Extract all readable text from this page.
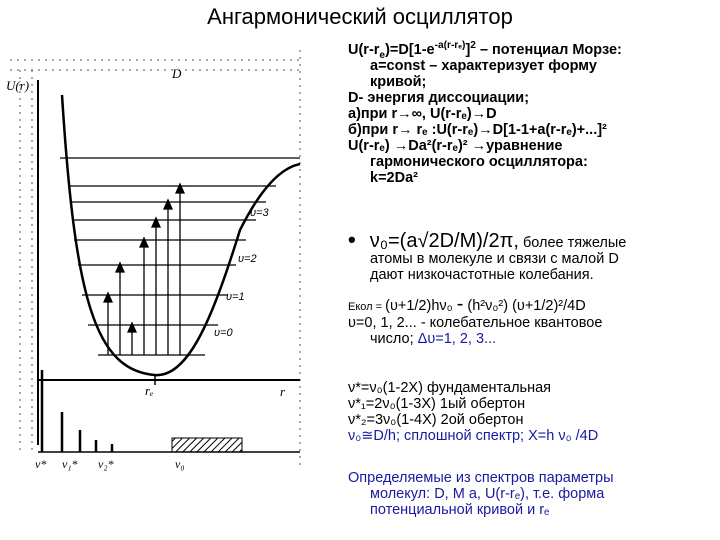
Ангармонический осциллятор
D
υ=3
υ=2
υ=1
υ=0
rₑ
U(r)
r
ν* ν₁* ν₂*	ν₀
$U(r-r_e)=D[1-e^{-a(r-r_e)}]^2$ – потенциал Морзе:
a=const – характеризует форму
кривой;
D- энергия диссоциации;
а)при r→∞, U(r-rₑ)→D
б)при r→ rₑ :U(r-rₑ)→D[1-1+a(r-rₑ)+...]²
U(r-rₑ) →Da²(r-rₑ)² →уравнение
гармонического осциллятора:
k=2Da²
• ν₀=(a√2D/M)/2π, более тяжелые
атомы в молекуле и связи с малой D
дают низкочастотные колебания.
Eкол = (υ+1/2)hν₀ - (h²ν₀²) (υ+1/2)²/4D
υ=0, 1, 2... - колебательное квантовое
число; Δυ=1, 2, 3...
ν*=ν₀(1-2X) фундаментальная
ν*₁=2ν₀(1-3X) 1ый обертон
ν*₂=3ν₀(1-4X) 2ой обертон
ν₀≅D/h; сплошной спектр; X=h ν₀ /4D
Определяемые из спектров параметры
молекул: D, M а, U(r-rₑ), т.е. форма
потенциальной кривой и rₑ
